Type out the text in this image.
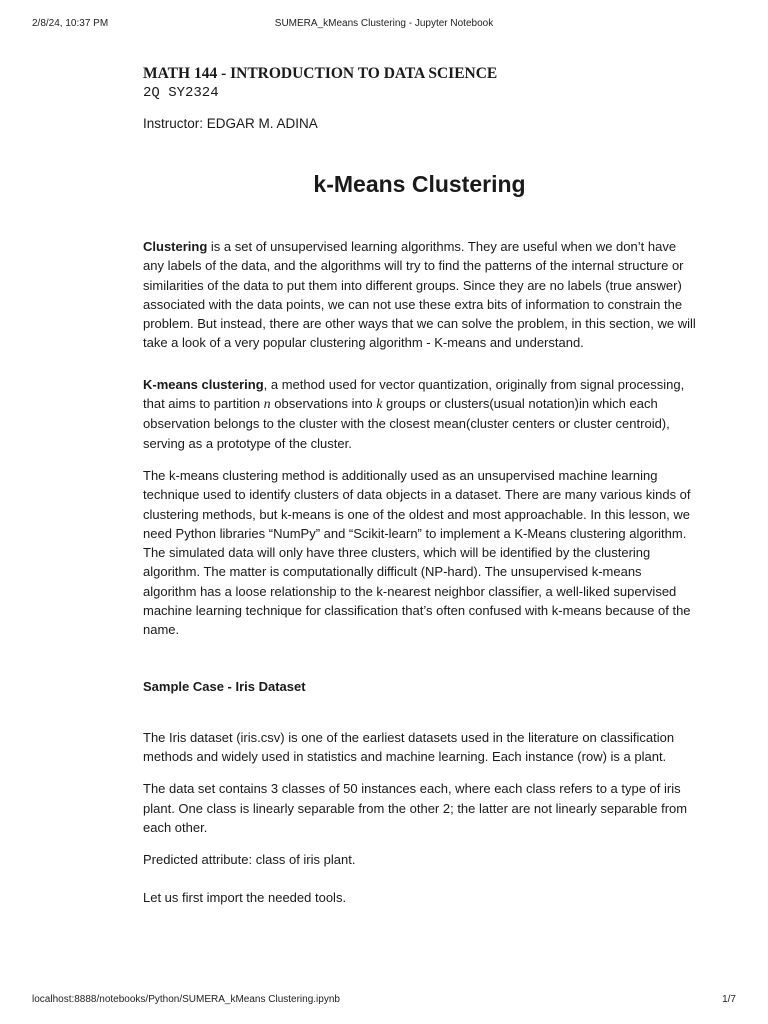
2/8/24, 10:37 PM	SUMERA_kMeans Clustering - Jupyter Notebook

MATH 144 - INTRODUCTION TO DATA SCIENCE

2Q SY2324

Instructor: EDGAR M. ADINA

k-Means Clustering

Clustering is a set of unsupervised learning algorithms. They are useful when we don’t have any labels of the data, and the algorithms will try to find the patterns of the internal structure or similarities of the data to put them into different groups. Since they are no labels (true answer) associated with the data points, we can not use these extra bits of information to constrain the problem. But instead, there are other ways that we can solve the problem, in this section, we will take a look of a very popular clustering algorithm - K-means and understand.

K-means clustering, a method used for vector quantization, originally from signal processing, that aims to partition n observations into k groups or clusters(usual notation)in which each observation belongs to the cluster with the closest mean(cluster centers or cluster centroid), serving as a prototype of the cluster.

The k-means clustering method is additionally used as an unsupervised machine learning technique used to identify clusters of data objects in a dataset. There are many various kinds of clustering methods, but k-means is one of the oldest and most approachable. In this lesson, we need Python libraries “NumPy” and “Scikit-learn” to implement a K-Means clustering algorithm. The simulated data will only have three clusters, which will be identified by the clustering algorithm. The matter is computationally difficult (NP-hard). The unsupervised k-means algorithm has a loose relationship to the k-nearest neighbor classifier, a well-liked supervised machine learning technique for classification that’s often confused with k-means because of the name.

Sample Case - Iris Dataset

The Iris dataset (iris.csv) is one of the earliest datasets used in the literature on classification methods and widely used in statistics and machine learning. Each instance (row) is a plant.

The data set contains 3 classes of 50 instances each, where each class refers to a type of iris plant. One class is linearly separable from the other 2; the latter are not linearly separable from each other.

Predicted attribute: class of iris plant.

Let us first import the needed tools.

localhost:8888/notebooks/Python/SUMERA_kMeans Clustering.ipynb	1/7
